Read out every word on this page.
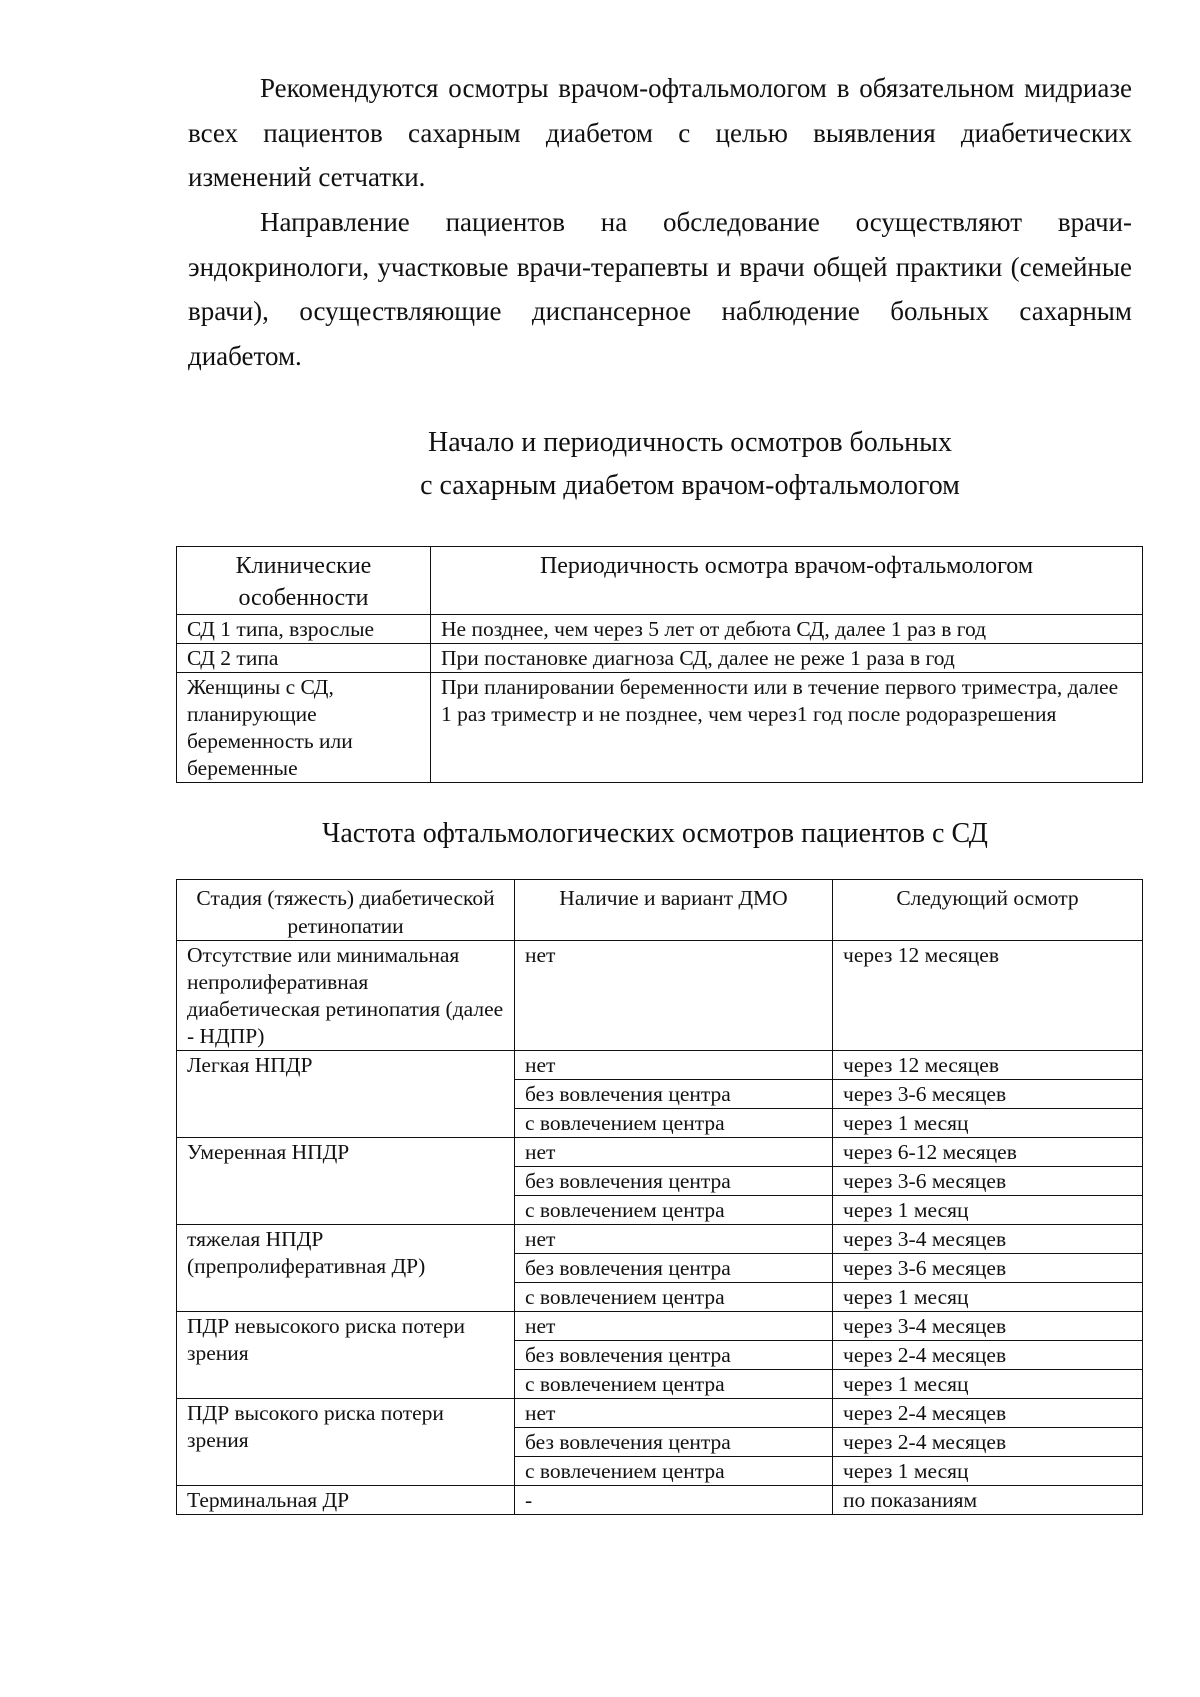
Рекомендуются осмотры врачом-офтальмологом в обязательном мидриазе всех пациентов сахарным диабетом с целью выявления диабетических изменений сетчатки.

Направление пациентов на обследование осуществляют врачи-эндокринологи, участковые врачи-терапевты и врачи общей практики (семейные врачи), осуществляющие диспансерное наблюдение больных сахарным диабетом.

Начало и периодичность осмотров больных
с сахарным диабетом врачом-офтальмологом
Клинические особенности	Периодичность осмотра врачом-офтальмологом
СД 1 типа, взрослые	Не позднее, чем через 5 лет от дебюта СД, далее 1 раз в год
СД 2 типа	При постановке диагноза СД, далее не реже 1 раза в год
Женщины с СД, планирующие беременность или беременные	При планировании беременности или в течение первого триместра, далее 1 раз триместр и не позднее, чем через1 год после родоразрешения
Частота офтальмологических осмотров пациентов с СД
Стадия (тяжесть) диабетической ретинопатии	Наличие и вариант ДМО	Следующий осмотр
Отсутствие или минимальная непролиферативная диабетическая ретинопатия (далее - НДПР)	нет	через 12 месяцев
Легкая НПДР	нет	через 12 месяцев
	без вовлечения центра	через 3-6 месяцев
	с вовлечением центра	через 1 месяц
Умеренная НПДР	нет	через 6-12 месяцев
	без вовлечения центра	через 3-6 месяцев
	с вовлечением центра	через 1 месяц
тяжелая НПДР (препролиферативная ДР)	нет	через 3-4 месяцев
	без вовлечения центра	через 3-6 месяцев
	с вовлечением центра	через 1 месяц
ПДР невысокого риска потери зрения	нет	через 3-4 месяцев
	без вовлечения центра	через 2-4 месяцев
	с вовлечением центра	через 1 месяц
ПДР высокого риска потери зрения	нет	через 2-4 месяцев
	без вовлечения центра	через 2-4 месяцев
	с вовлечением центра	через 1 месяц
Терминальная ДР	-	по показаниям
